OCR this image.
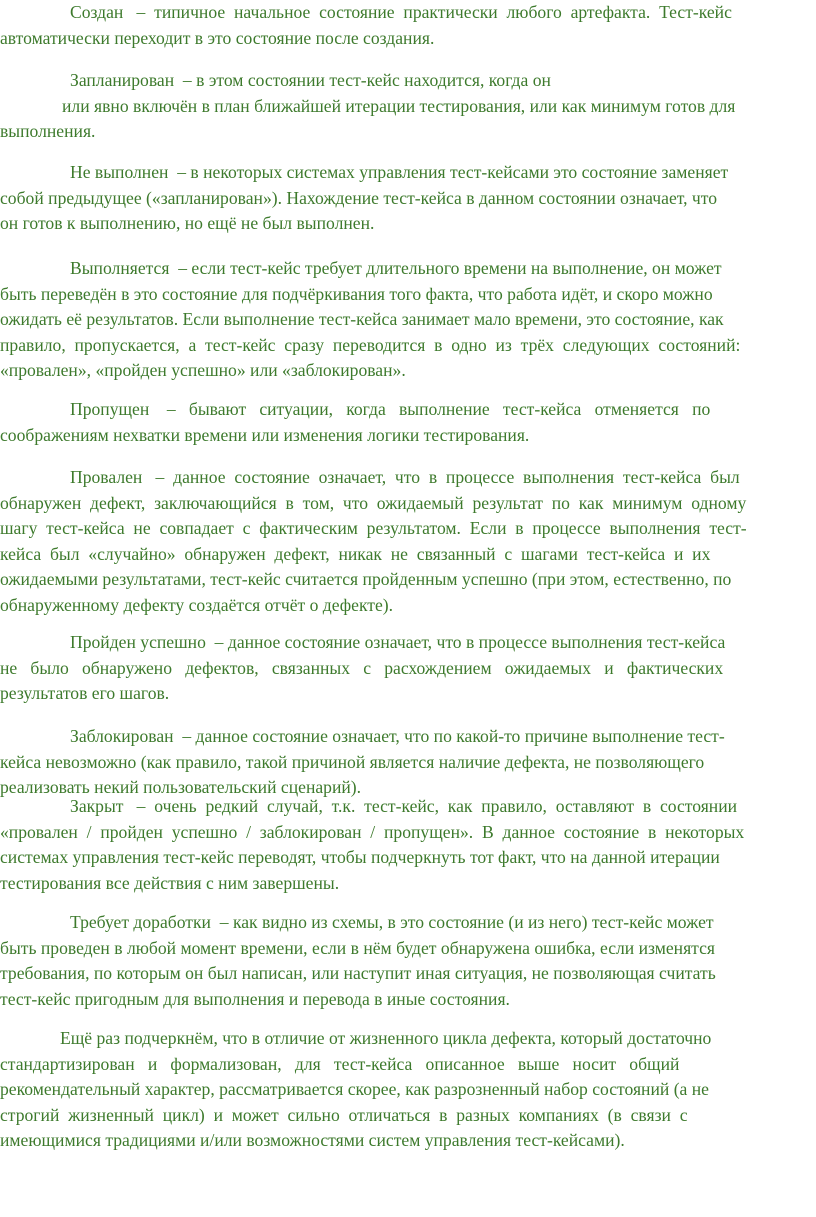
Создан   –  типичное  начальное  состояние  практически  любого  артефакта.  Тест-кейс
автоматически переходит в это состояние после создания.
Запланирован  – в этом состоянии тест-кейс находится, когда он
или явно включён в план ближайшей итерации тестирования, или как минимум готов для
выполнения.
Не выполнен  – в некоторых системах управления тест-кейсами это состояние заменяет
собой предыдущее («запланирован»). Нахождение тест-кейса в данном состоянии означает, что
он готов к выполнению, но ещё не был выполнен.
Выполняется  – если тест-кейс требует длительного времени на выполнение, он может
быть переведён в это состояние для подчёркивания того факта, что работа идёт, и скоро можно
ожидать её результатов. Если выполнение тест-кейса занимает мало времени, это состояние, как
правило,  пропускается,  а  тест-кейс  сразу  переводится  в  одно  из  трёх  следующих  состояний:
«провален», «пройден успешно» или «заблокирован».
Пропущен    –   бывают   ситуации,   когда   выполнение   тест-кейса   отменяется   по
соображениям нехватки времени или изменения логики тестирования.
Провален   –  данное  состояние  означает,  что  в  процессе  выполнения  тест-кейса  был
обнаружен  дефект,  заключающийся  в  том,  что  ожидаемый  результат  по  как  минимум  одному
шагу  тест-кейса  не  совпадает  с  фактическим  результатом.  Если  в  процессе  выполнения  тест-
кейса  был  «случайно»  обнаружен  дефект,  никак  не  связанный  с  шагами  тест-кейса  и  их
ожидаемыми результатами, тест-кейс считается пройденным успешно (при этом, естественно, по
обнаруженному дефекту создаётся отчёт о дефекте).
Пройден успешно  – данное состояние означает, что в процессе выполнения тест-кейса
не   было   обнаружено   дефектов,   связанных   с   расхождением   ожидаемых   и   фактических
результатов его шагов.
Заблокирован  – данное состояние означает, что по какой-то причине выполнение тест-
кейса невозможно (как правило, такой причиной является наличие дефекта, не позволяющего
реализовать некий пользовательский сценарий).
Закрыт   –  очень  редкий  случай,  т.к.  тест-кейс,  как  правило,  оставляют  в  состоянии
«провален  /  пройден  успешно  /  заблокирован  /  пропущен».  В  данное  состояние  в  некоторых
системах управления тест-кейс переводят, чтобы подчеркнуть тот факт, что на данной итерации
тестирования все действия с ним завершены.
Требует доработки  – как видно из схемы, в это состояние (и из него) тест-кейс может
быть проведен в любой момент времени, если в нём будет обнаружена ошибка, если изменятся
требования, по которым он был написан, или наступит иная ситуация, не позволяющая считать
тест-кейс пригодным для выполнения и перевода в иные состояния.
Ещё раз подчеркнём, что в отличие от жизненного цикла дефекта, который достаточно
стандартизирован   и   формализован,   для   тест-кейса   описанное   выше   носит   общий
рекомендательный характер, рассматривается скорее, как разрозненный набор состояний (а не
строгий  жизненный  цикл)  и  может  сильно  отличаться  в  разных  компаниях  (в  связи  с
имеющимися традициями и/или возможностями систем управления тест-кейсами).
